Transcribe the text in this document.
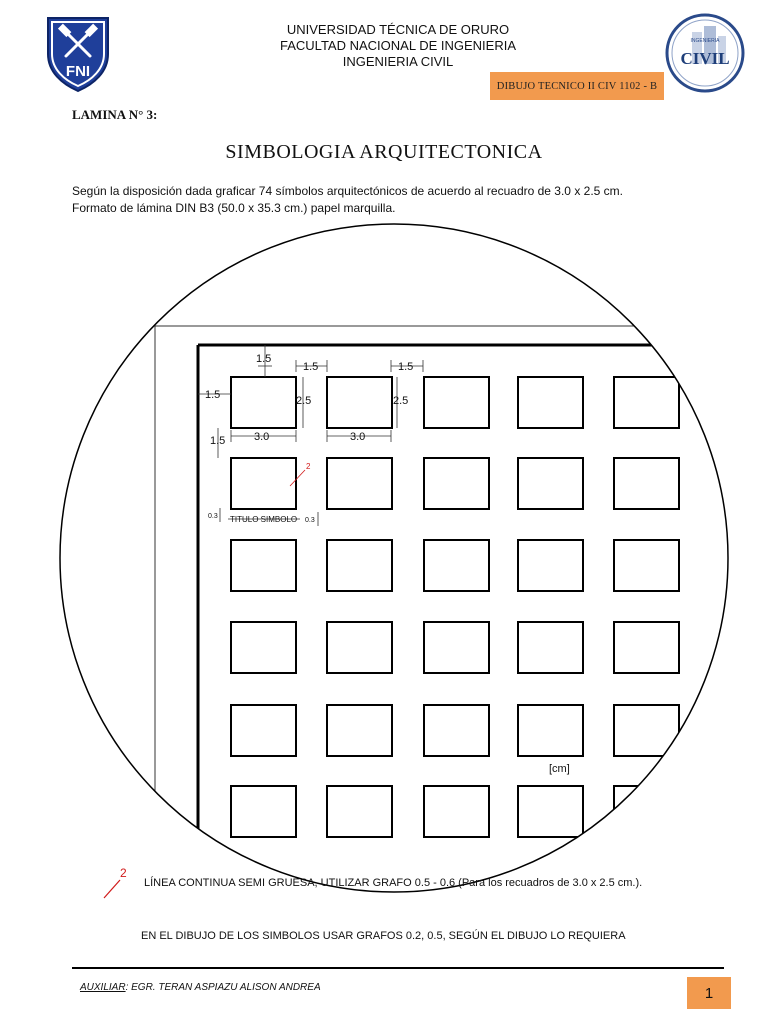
FNI
INGENIERIA
CIVIL
UNIVERSIDAD TÉCNICA DE ORURO
FACULTAD NACIONAL DE INGENIERIA
INGENIERIA CIVIL
DIBUJO TECNICO II CIV 1102 - B
LAMINA N° 3:
SIMBOLOGIA ARQUITECTONICA
Según la disposición dada graficar 74 símbolos arquitectónicos de acuerdo al recuadro de 3.0 x 2.5 cm.
Formato de lámina DIN B3 (50.0 x 35.3 cm.) papel marquilla.
1.5
1.5
1.5	1.5
2.5	2.5
3.0	3.0
1.5
[cm]
0.3
0.3
TITULO SIMBOLO
2
2
LÍNEA CONTINUA SEMI GRUESA, UTILIZAR GRAFO 0.5 - 0.6 (Para los recuadros de 3.0 x 2.5 cm.).
EN EL DIBUJO DE LOS SIMBOLOS USAR GRAFOS 0.2, 0.5, SEGÚN EL DIBUJO LO REQUIERA
AUXILIAR: EGR. TERAN ASPIAZU ALISON ANDREA	1
